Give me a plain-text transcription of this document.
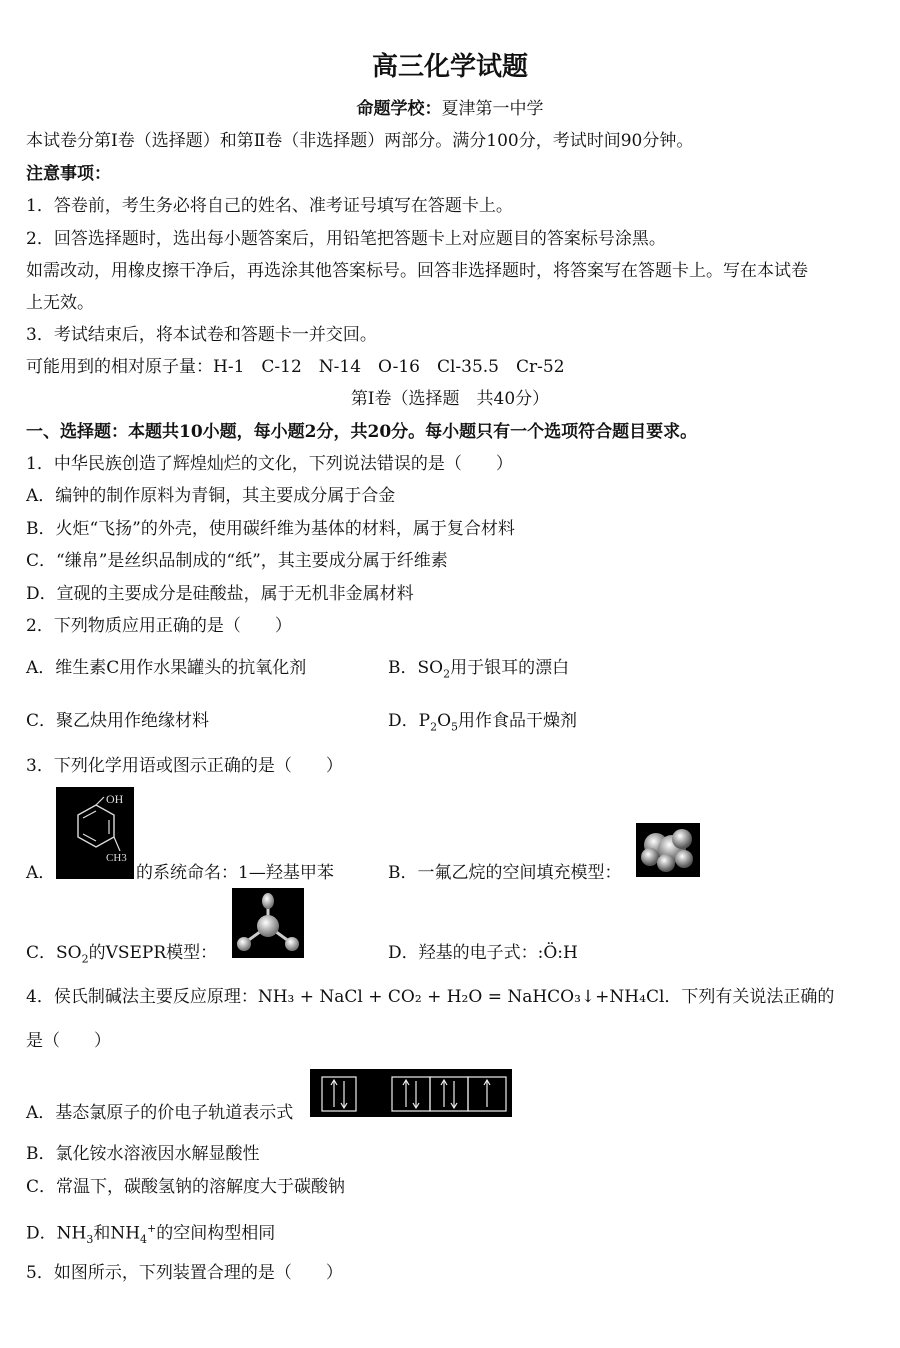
高三化学试题
命题学校：夏津第一中学
本试卷分第Ⅰ卷（选择题）和第Ⅱ卷（非选择题）两部分。满分100分，考试时间90分钟。
注意事项：
1．答卷前，考生务必将自己的姓名、准考证号填写在答题卡上。
2．回答选择题时，选出每小题答案后，用铅笔把答题卡上对应题目的答案标号涂黑。
如需改动，用橡皮擦干净后，再选涂其他答案标号。回答非选择题时，将答案写在答题卡上。写在本试卷
上无效。
3．考试结束后，将本试卷和答题卡一并交回。
可能用到的相对原子量：H-1　C-12　N-14　O-16　Cl-35.5　Cr-52
第Ⅰ卷（选择题　共40分）
一、选择题：本题共10小题，每小题2分，共20分。每小题只有一个选项符合题目要求。
1．中华民族创造了辉煌灿烂的文化，下列说法错误的是（　　）
A．编钟的制作原料为青铜，其主要成分属于合金
B．火炬“飞扬”的外壳，使用碳纤维为基体的材料，属于复合材料
C．“缣帛”是丝织品制成的“纸”，其主要成分属于纤维素
D．宣砚的主要成分是硅酸盐，属于无机非金属材料
2．下列物质应用正确的是（　　）
A．维生素C用作水果罐头的抗氧化剂	B．$SO_2$用于银耳的漂白
C．聚乙炔用作绝缘材料	D．$P_2O_5$用作食品干燥剂
3．下列化学用语或图示正确的是（　　）
A．
OH
CH3
的系统命名：1—羟基甲苯	B．一氟乙烷的空间填充模型：
C．$SO_2$的VSEPR模型：	D．羟基的电子式：:Ö:H
4．侯氏制碱法主要反应原理：NH₃ + NaCl + CO₂ + H₂O = NaHCO₃↓+NH₄Cl．下列有关说法正确的
是（　　）
A．基态氯原子的价电子轨道表示式
B．氯化铵水溶液因水解显酸性
C．常温下，碳酸氢钠的溶解度大于碳酸钠
D．$NH_3$和$NH_4^+$的空间构型相同
5．如图所示，下列装置合理的是（　　）
